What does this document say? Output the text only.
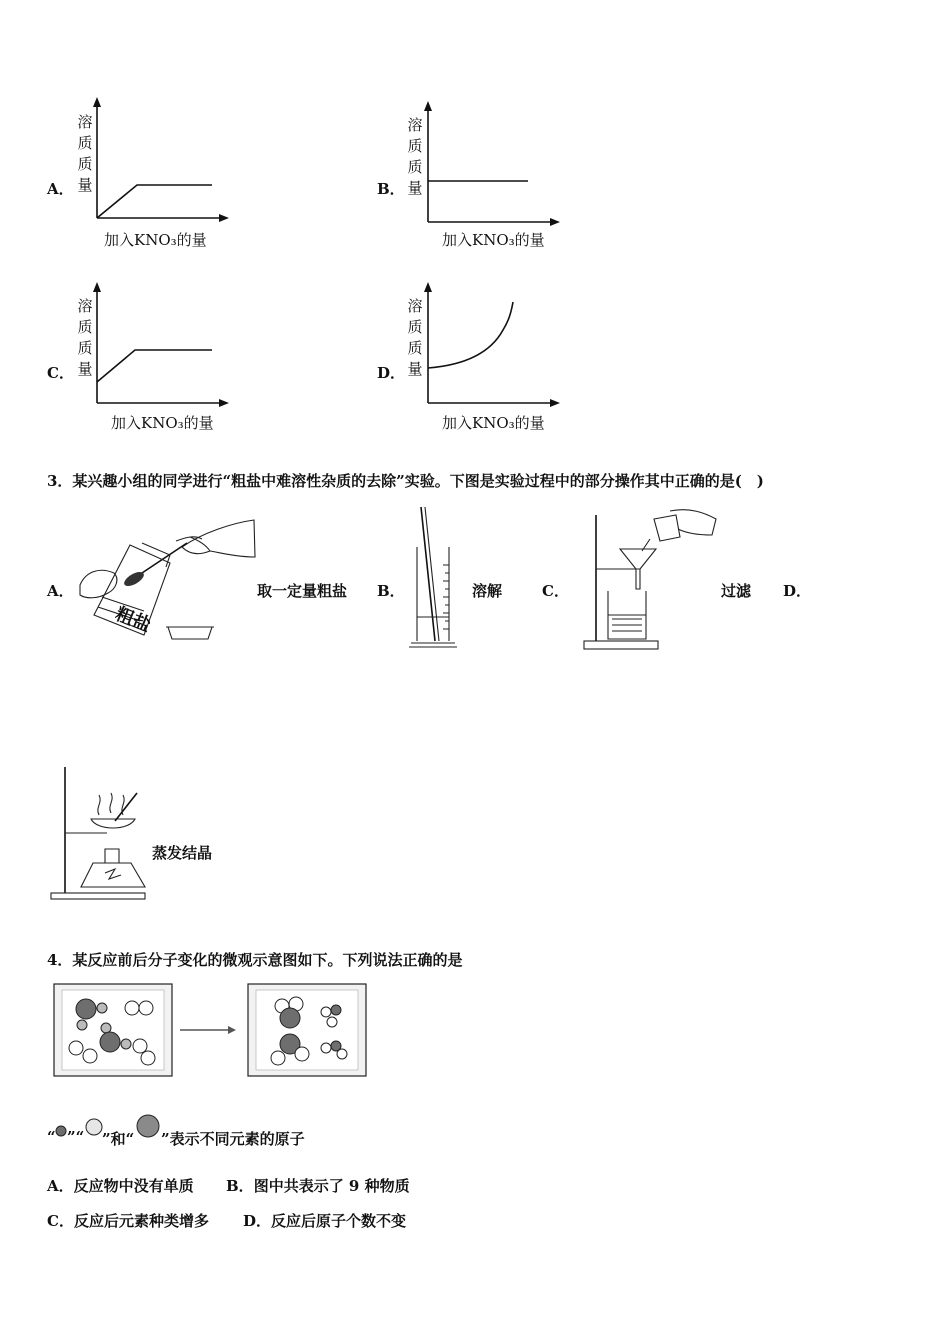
A．
溶
质
质
量
加入KNO₃的量
B．
溶
质
质
量
加入KNO₃的量
C．
溶
质
质
量
加入KNO₃的量
D．
溶
质
质
量
加入KNO₃的量
3．某兴趣小组的同学进行“粗盐中难溶性杂质的去除”实验。下图是实验过程中的部分操作其中正确的是(　)
A．
粗盐
取一定量粗盐 B．	溶解	C．	过滤 D．
蒸发结晶
4．某反应前后分子变化的微观示意图如下。下列说法正确的是
“ ”“ ”和“ ”表示不同元素的原子
A．反应物中没有单质 B．图中共表示了 9 种物质
C．反应后元素种类增多 D．反应后原子个数不变
